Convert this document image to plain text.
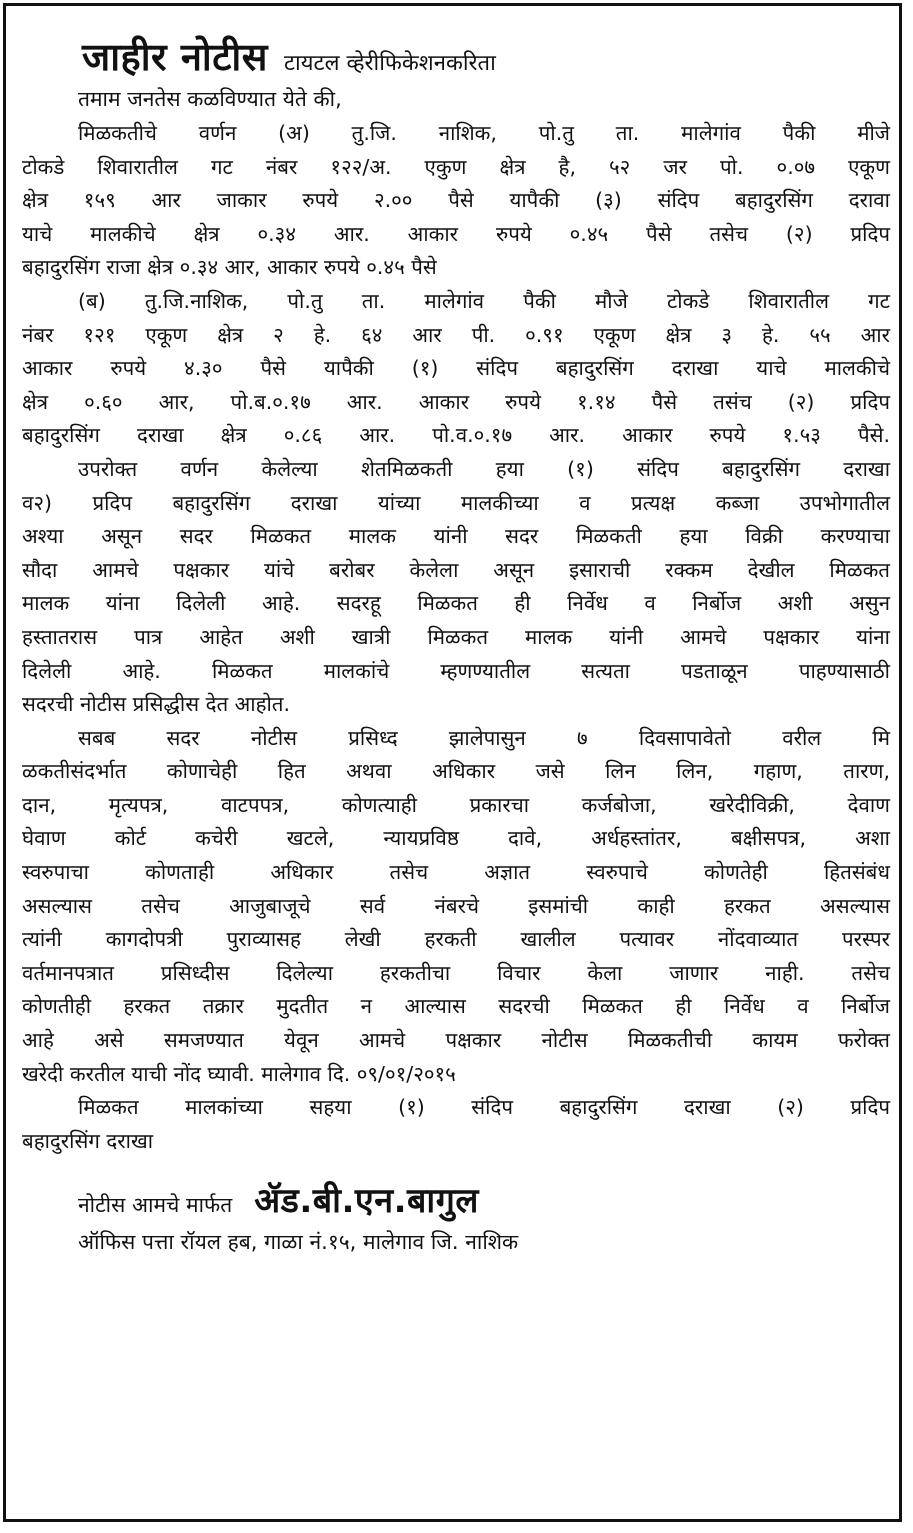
जाहीर नोटीस टायटल व्हेरीफिकेशनकरिता

तमाम जनतेस कळविण्यात येते की,

मिळकतीचे वर्णन (अ) तु.जि. नाशिक, पो.तु ता. मालेगांव पैकी मीजे
टोकडे शिवारातील गट नंबर १२२/अ. एकुण क्षेत्र है, ५२ जर पो. ०.०७ एकूण
क्षेत्र १५९ आर जाकार रुपये २.०० पैसे यापैकी (३) संदिप बहादुरसिंग दरावा
याचे मालकीचे क्षेत्र ०.३४ आर. आकार रुपये ०.४५ पैसे तसेच (२) प्रदिप
बहादुरसिंग राजा क्षेत्र ०.३४ आर, आकार रुपये ०.४५ पैसे
(ब) तु.जि.नाशिक, पो.तु ता. मालेगांव पैकी मौजे टोकडे शिवारातील गट
नंबर १२१ एकूण क्षेत्र २ हे. ६४ आर पी. ०.९१ एकूण क्षेत्र ३ हे. ५५ आर
आकार रुपये ४.३० पैसे यापैकी (१) संदिप बहादुरसिंग दराखा याचे मालकीचे
क्षेत्र ०.६० आर, पो.ब.०.१७ आर. आकार रुपये १.१४ पैसे तसंच (२) प्रदिप
बहादुरसिंग दराखा क्षेत्र ०.८६ आर. पो.व.०.१७ आर. आकार रुपये १.५३ पैसे.
उपरोक्त वर्णन केलेल्या शेतमिळकती हया (१) संदिप बहादुरसिंग दराखा
व२) प्रदिप बहादुरसिंग दराखा यांच्या मालकीच्या व प्रत्यक्ष कब्जा उपभोगातील
अश्या असून सदर मिळकत मालक यांनी सदर मिळकती हया विक्री करण्याचा
सौदा आमचे पक्षकार यांचे बरोबर केलेला असून इसाराची रक्कम देखील मिळकत
मालक यांना दिलेली आहे. सदरहू मिळकत ही निर्वेध व निर्बोज अशी असुन
हस्तातरास पात्र आहेत अशी खात्री मिळकत मालक यांनी आमचे पक्षकार यांना
दिलेली आहे. मिळकत मालकांचे म्हणण्यातील सत्यता पडताळून पाहण्यासाठी
सदरची नोटीस प्रसिद्धीस देत आहोत.
सबब सदर नोटीस प्रसिध्द झालेपासुन ७ दिवसापावेतो वरील मि
ळकतीसंदर्भात कोणाचेही हित अथवा अधिकार जसे लिन लिन, गहाण, तारण,
दान, मृत्यपत्र, वाटपपत्र, कोणत्याही प्रकारचा कर्जबोजा, खरेदीविक्री, देवाण
घेवाण कोर्ट कचेरी खटले, न्यायप्रविष्ठ दावे, अर्धहस्तांतर, बक्षीसपत्र, अशा
स्वरुपाचा कोणताही अधिकार तसेच अज्ञात स्वरुपाचे कोणतेही हितसंबंध
असल्यास तसेच आजुबाजूचे सर्व नंबरचे इसमांची काही हरकत असल्यास
त्यांनी कागदोपत्री पुराव्यासह लेखी हरकती खालील पत्यावर नोंदवाव्यात परस्पर
वर्तमानपत्रात प्रसिध्दीस दिलेल्या हरकतीचा विचार केला जाणार नाही. तसेच
कोणतीही हरकत तक्रार मुदतीत न आल्यास सदरची मिळकत ही निर्वेध व निर्बोज
आहे असे समजण्यात येवून आमचे पक्षकार नोटीस मिळकतीची कायम फरोक्त
खरेदी करतील याची नोंद घ्यावी. मालेगाव दि. ०९/०१/२०१५
मिळकत मालकांच्या सहया (१) संदिप बहादुरसिंग दराखा (२) प्रदिप
बहादुरसिंग दराखा
नोटीस आमचे मार्फत ॲड.बी.एन.बागुल

ऑफिस पत्ता रॉयल हब, गाळा नं.१५, मालेगाव जि. नाशिक
